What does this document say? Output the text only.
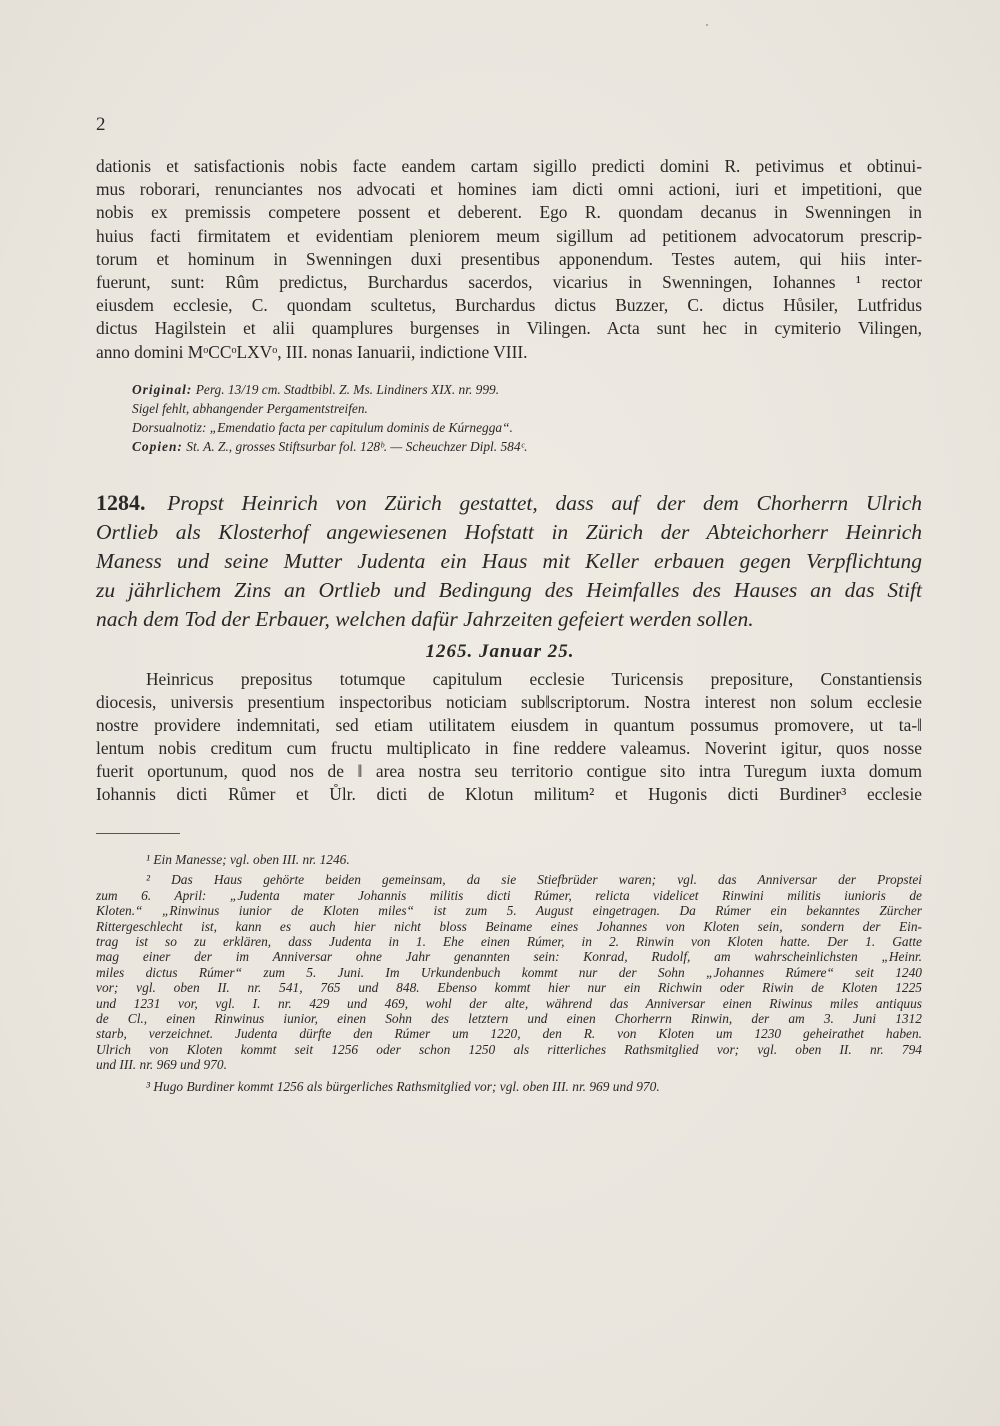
2
dationis et satisfactionis nobis facte eandem cartam sigillo predicti domini R. petivimus et obtinui-
mus roborari, renunciantes nos advocati et homines iam dicti omni actioni, iuri et impetitioni, que
nobis ex premissis competere possent et deberent. Ego R. quondam decanus in Swenningen in
huius facti firmitatem et evidentiam pleniorem meum sigillum ad petitionem advocatorum prescrip-
torum et hominum in Swenningen duxi presentibus apponendum. Testes autem, qui hiis inter-
fuerunt, sunt: Rûm predictus, Burchardus sacerdos, vicarius in Swenningen, Iohannes ¹ rector
eiusdem ecclesie, C. quondam scultetus, Burchardus dictus Buzzer, C. dictus Hůsiler, Lutfridus
dictus Hagilstein et alii quamplures burgenses in Vilingen. Acta sunt hec in cymiterio Vilingen,
anno domini MᵒCCᵒLXVᵒ, III. nonas Ianuarii, indictione VIII.
Original: Perg. 13/19 cm. Stadtbibl. Z. Ms. Lindiners XIX. nr. 999.
Sigel fehlt, abhangender Pergamentstreifen.
Dorsualnotiz: „Emendatio facta per capitulum dominis de Kúrnegga“.
Copien: St. A. Z., grosses Stiftsurbar fol. 128ᵇ. — Scheuchzer Dipl. 584ᶜ.
1284. Propst Heinrich von Zürich gestattet, dass auf der dem Chorherrn Ulrich
Ortlieb als Klosterhof angewiesenen Hofstatt in Zürich der Abteichorherr Heinrich
Maness und seine Mutter Judenta ein Haus mit Keller erbauen gegen Verpflichtung
zu jährlichem Zins an Ortlieb und Bedingung des Heimfalles des Hauses an das Stift
nach dem Tod der Erbauer, welchen dafür Jahrzeiten gefeiert werden sollen.
1265. Januar 25.
Heinricus prepositus totumque capitulum ecclesie Turicensis prepositure, Constantiensis
diocesis, universis presentium inspectoribus noticiam sub‖scriptorum. Nostra interest non solum ecclesie
nostre providere indemnitati, sed etiam utilitatem eiusdem in quantum possumus promovere, ut ta-‖
lentum nobis creditum cum fructu multiplicato in fine reddere valeamus. Noverint igitur, quos nosse
fuerit oportunum, quod nos de ‖ area nostra seu territorio contigue sito intra Turegum iuxta domum
Iohannis dicti Růmer et Ůlr. dicti de Klotun militum² et Hugonis dicti Burdiner³ ecclesie
¹ Ein Manesse; vgl. oben III. nr. 1246.
² Das Haus gehörte beiden gemeinsam, da sie Stiefbrüder waren; vgl. das Anniversar der Propstei
zum 6. April: „Judenta mater Johannis militis dicti Rúmer, relicta videlicet Rinwini militis iunioris de
Kloten.“ „Rinwinus iunior de Kloten miles“ ist zum 5. August eingetragen. Da Rúmer ein bekanntes Zürcher
Rittergeschlecht ist, kann es auch hier nicht bloss Beiname eines Johannes von Kloten sein, sondern der Ein-
trag ist so zu erklären, dass Judenta in 1. Ehe einen Rúmer, in 2. Rinwin von Kloten hatte. Der 1. Gatte
mag einer der im Anniversar ohne Jahr genannten sein: Konrad, Rudolf, am wahrscheinlichsten „Heinr.
miles dictus Rúmer“ zum 5. Juni. Im Urkundenbuch kommt nur der Sohn „Johannes Rúmere“ seit 1240
vor; vgl. oben II. nr. 541, 765 und 848. Ebenso kommt hier nur ein Richwin oder Riwin de Kloten 1225
und 1231 vor, vgl. I. nr. 429 und 469, wohl der alte, während das Anniversar einen Riwinus miles antiquus
de Cl., einen Rinwinus iunior, einen Sohn des letztern und einen Chorherrn Rinwin, der am 3. Juni 1312
starb, verzeichnet. Judenta dürfte den Rúmer um 1220, den R. von Kloten um 1230 geheirathet haben.
Ulrich von Kloten kommt seit 1256 oder schon 1250 als ritterliches Rathsmitglied vor; vgl. oben II. nr. 794
und III. nr. 969 und 970.
³ Hugo Burdiner kommt 1256 als bürgerliches Rathsmitglied vor; vgl. oben III. nr. 969 und 970.
